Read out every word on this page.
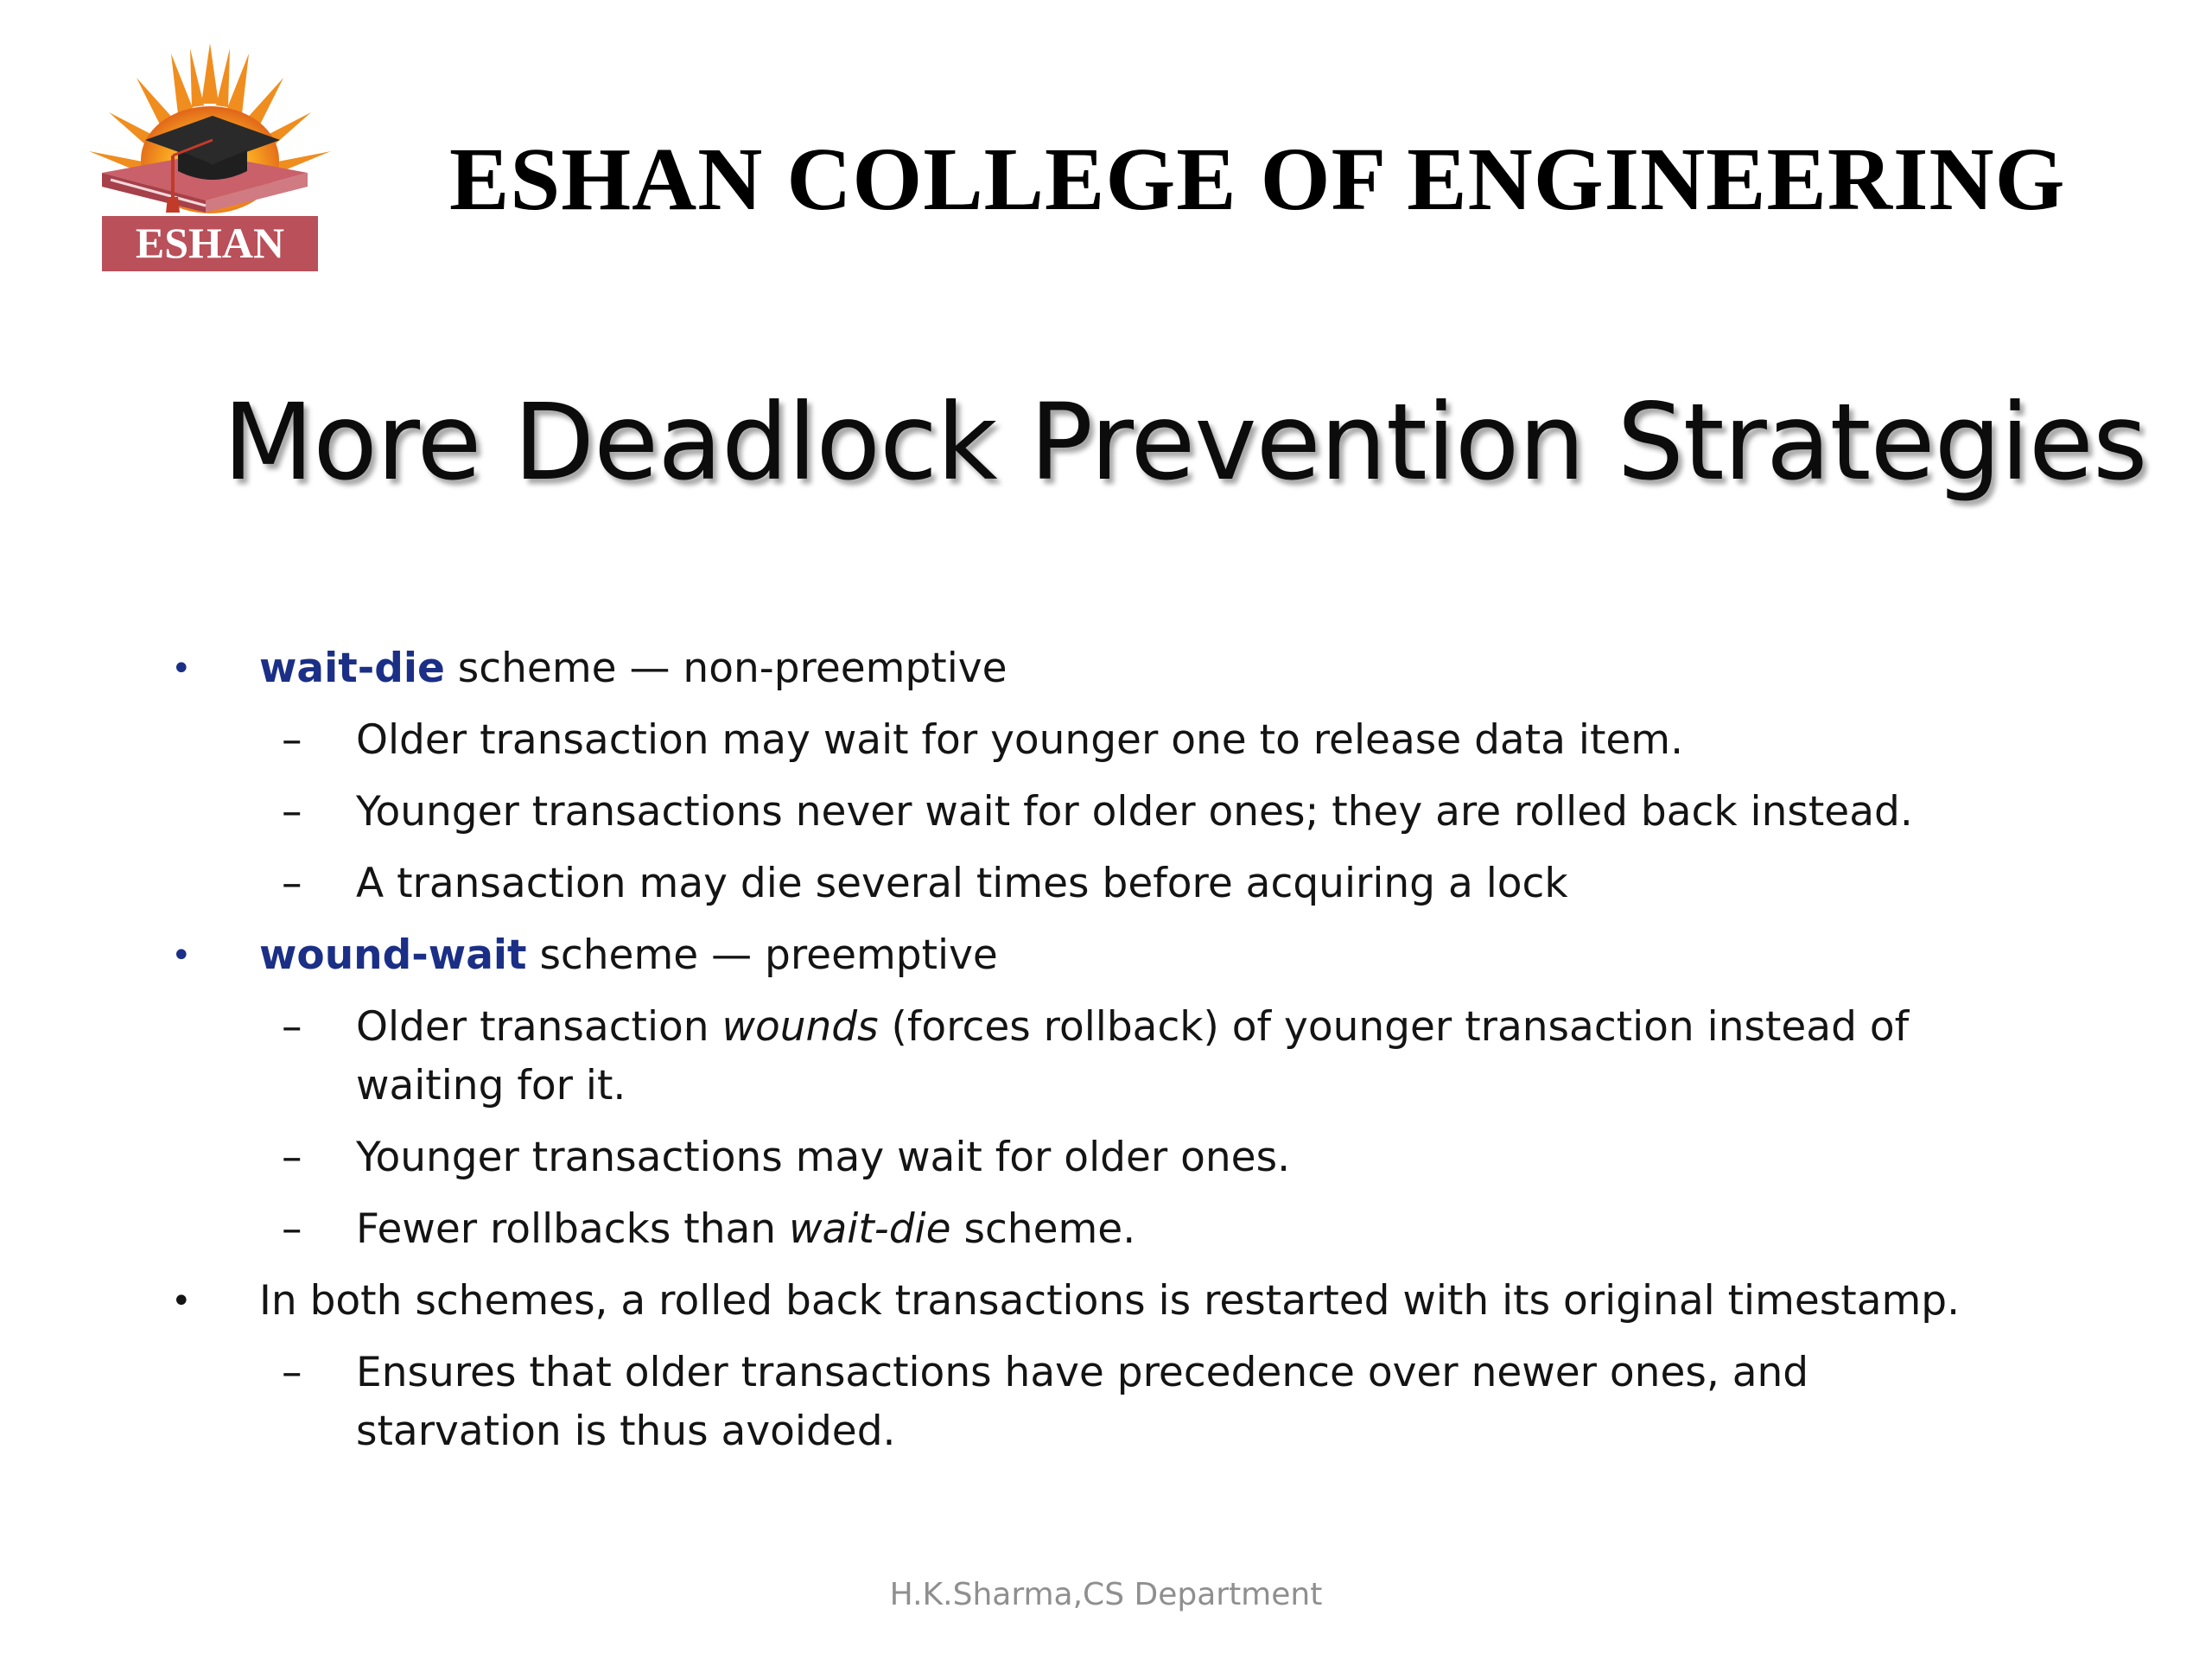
ESHAN
ESHAN COLLEGE OF ENGINEERING
More Deadlock Prevention Strategies
• wait-die scheme — non-preemptive
– Older transaction may wait for younger one to release data item.
– Younger transactions never wait for older ones; they are rolled back instead.
– A transaction may die several times before acquiring a lock
• wound-wait scheme — preemptive
– Older transaction wounds (forces rollback) of younger transaction instead of waiting for it.
– Younger transactions may wait for older ones.
– Fewer rollbacks than wait-die scheme.
• In both schemes, a rolled back transactions is restarted with its original timestamp.
– Ensures that older transactions have precedence over newer ones, and starvation is thus avoided.
H.K.Sharma,CS Department
